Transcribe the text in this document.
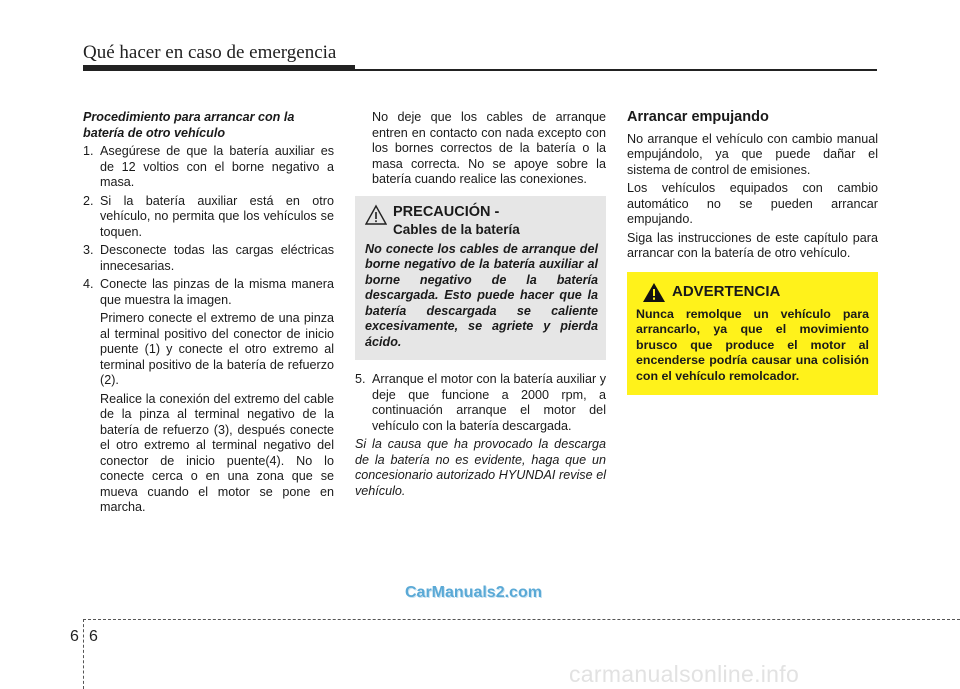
Qué hacer en caso de emergencia
Procedimiento para arrancar con la batería de otro vehículo
1. Asegúrese de que la batería auxiliar es de 12 voltios con el borne negativo a masa.
2. Si la batería auxiliar está en otro vehículo, no permita que los vehículos se toquen.
3. Desconecte todas las cargas eléctricas innecesarias.
4. Conecte las pinzas de la misma manera que muestra la imagen.
Primero conecte el extremo de una pinza al terminal positivo del conector de inicio puente (1) y conecte el otro extremo al terminal positivo de la batería de refuerzo (2).
Realice la conexión del extremo del cable de la pinza al terminal negativo de la batería de refuerzo (3), después conecte el otro extremo al terminal negativo del conector de inicio puente(4). No lo conecte cerca o en una zona que se mueva cuando el motor se pone en marcha.
No deje que los cables de arranque entren en contacto con nada excepto con los bornes correctos de la batería o la masa correcta. No se apoye sobre la batería cuando realice las conexiones.
PRECAUCIÓN -
Cables de la batería
No conecte los cables de arranque del borne negativo de la batería auxiliar al borne negativo de la batería descargada. Esto puede hacer que la batería descargada se caliente excesivamente, se agriete y pierda ácido.
5. Arranque el motor con la batería auxiliar y deje que funcione a 2000 rpm, a continuación arranque el motor del vehículo con la batería descargada.
Si la causa que ha provocado la descarga de la batería no es evidente, haga que un concesionario autorizado HYUNDAI revise el vehículo.
Arrancar empujando
No arranque el vehículo con cambio manual empujándolo, ya que puede dañar el sistema de control de emisiones.
Los vehículos equipados con cambio automático no se pueden arrancar empujando.
Siga las instrucciones de este capítulo para arrancar con la batería de otro vehículo.
ADVERTENCIA
Nunca remolque un vehículo para arrancarlo, ya que el movimiento brusco que produce el motor al encenderse podría causar una colisión con el vehículo remolcador.
CarManuals2.com
6 6
carmanualsonline.info
